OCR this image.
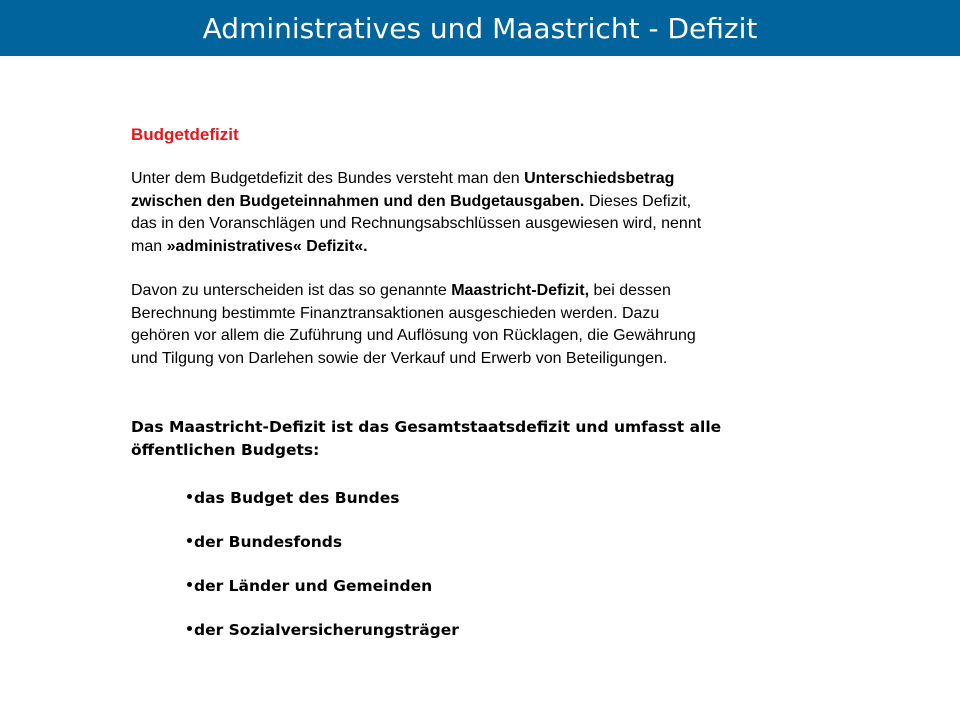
Administratives und Maastricht - Defizit
Budgetdefizit
Unter dem Budgetdefizit des Bundes versteht man den Unterschiedsbetrag
zwischen den Budgeteinnahmen und den Budgetausgaben. Dieses Defizit,
das in den Voranschlägen und Rechnungsabschlüssen ausgewiesen wird, nennt
man »administratives« Defizit«.
Davon zu unterscheiden ist das so genannte Maastricht-Defizit, bei dessen
Berechnung bestimmte Finanztransaktionen ausgeschieden werden. Dazu
gehören vor allem die Zuführung und Auflösung von Rücklagen, die Gewährung
und Tilgung von Darlehen sowie der Verkauf und Erwerb von Beteiligungen.
Das Maastricht-Defizit ist das Gesamtstaatsdefizit und umfasst alle
öffentlichen Budgets:
das Budget des Bundes
der Bundesfonds
der Länder und Gemeinden
der Sozialversicherungsträger
